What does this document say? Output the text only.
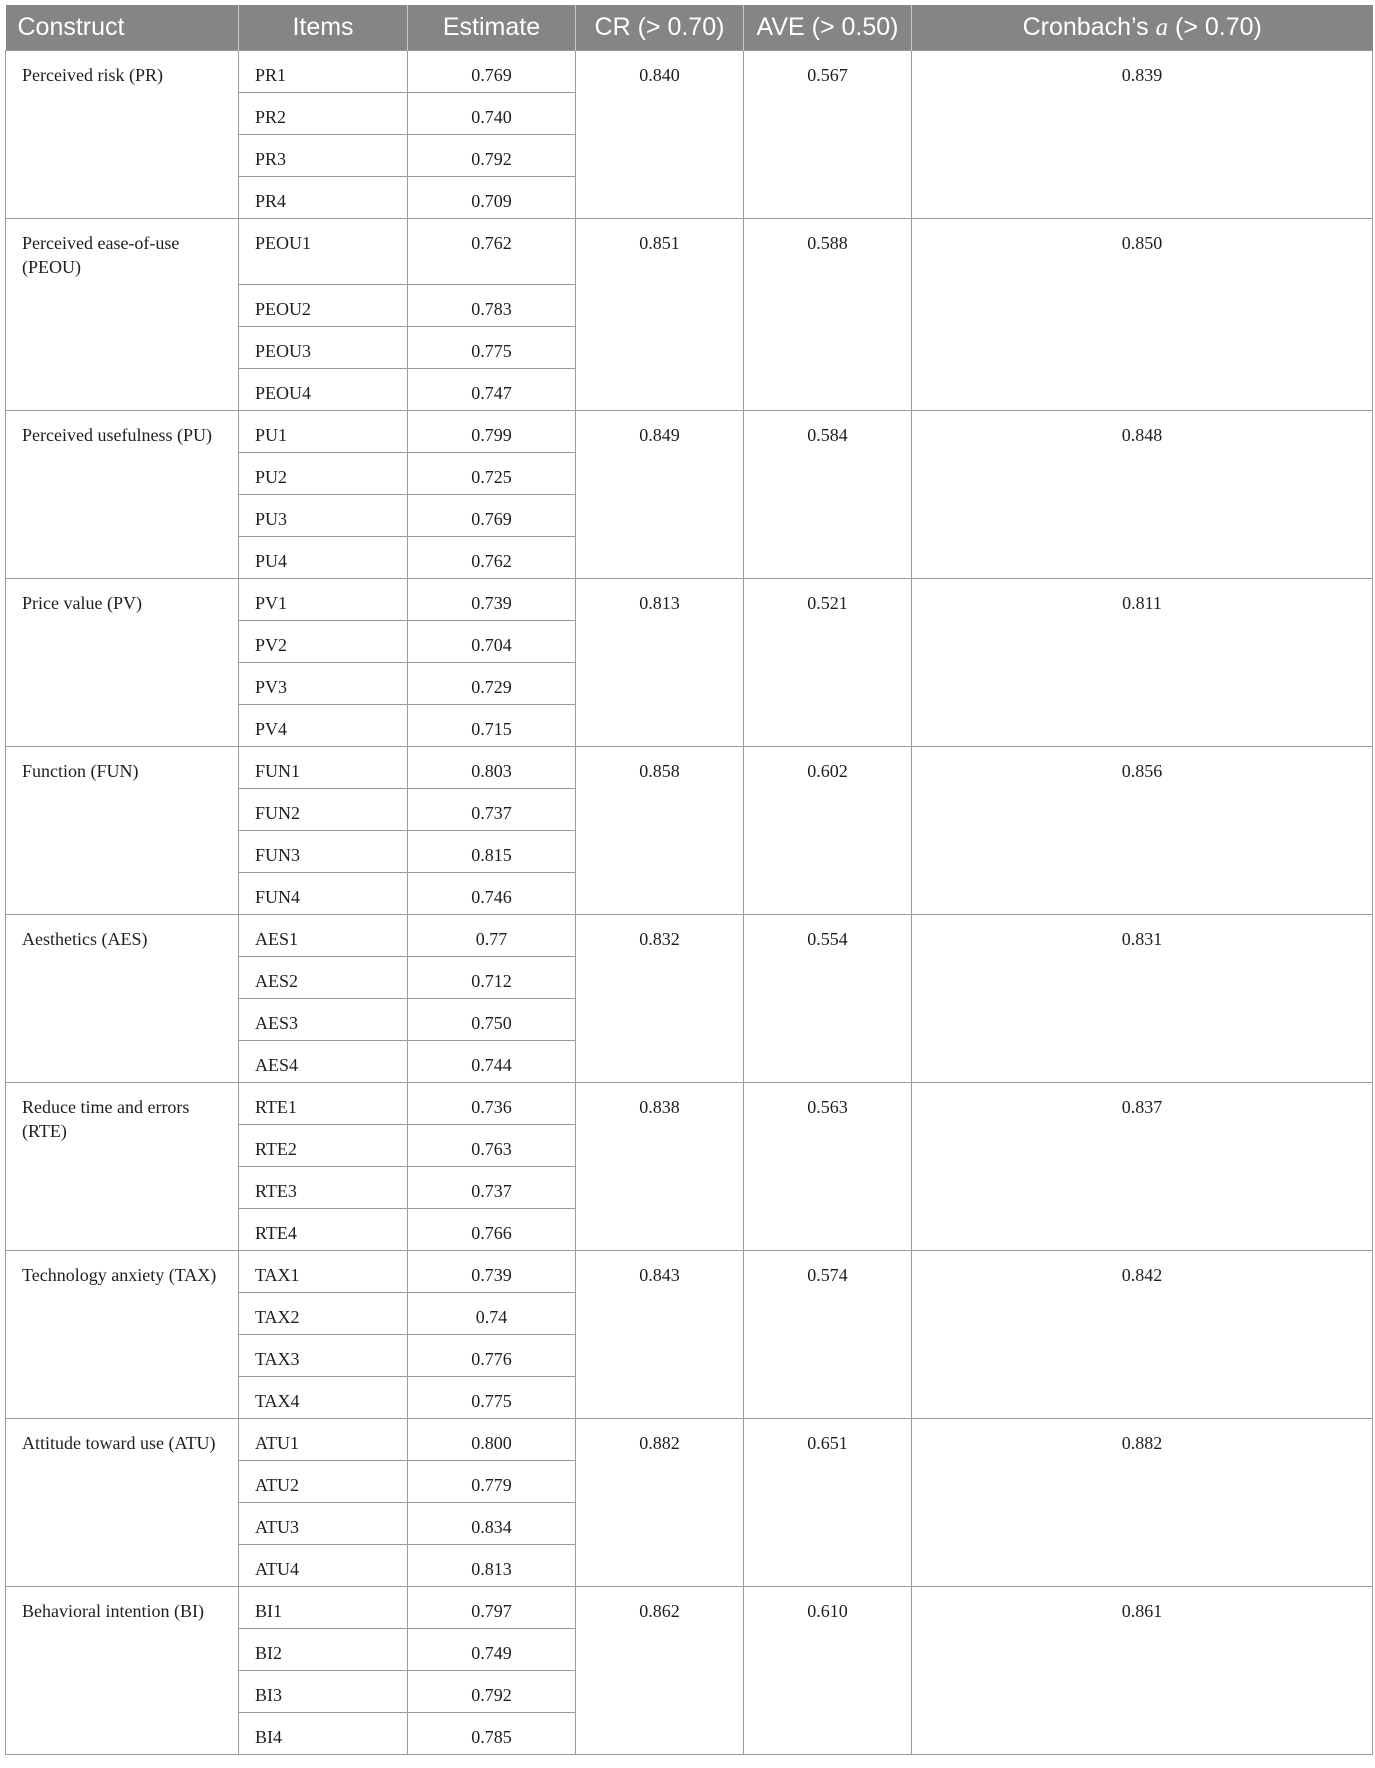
Construct	Items	Estimate	CR (> 0.70)	AVE (> 0.50)	Cronbach’s a (> 0.70)
Perceived risk (PR)	PR1	0.769	0.840	0.567	0.839
	PR2	0.740			
	PR3	0.792			
	PR4	0.709			
Perceived ease-of-use (PEOU)	PEOU1	0.762	0.851	0.588	0.850
	PEOU2	0.783			
	PEOU3	0.775			
	PEOU4	0.747			
Perceived usefulness (PU)	PU1	0.799	0.849	0.584	0.848
	PU2	0.725			
	PU3	0.769			
	PU4	0.762			
Price value (PV)	PV1	0.739	0.813	0.521	0.811
	PV2	0.704			
	PV3	0.729			
	PV4	0.715			
Function (FUN)	FUN1	0.803	0.858	0.602	0.856
	FUN2	0.737			
	FUN3	0.815			
	FUN4	0.746			
Aesthetics (AES)	AES1	0.77	0.832	0.554	0.831
	AES2	0.712			
	AES3	0.750			
	AES4	0.744			
Reduce time and errors (RTE)	RTE1	0.736	0.838	0.563	0.837
	RTE2	0.763			
	RTE3	0.737			
	RTE4	0.766			
Technology anxiety (TAX)	TAX1	0.739	0.843	0.574	0.842
	TAX2	0.74			
	TAX3	0.776			
	TAX4	0.775			
Attitude toward use (ATU)	ATU1	0.800	0.882	0.651	0.882
	ATU2	0.779			
	ATU3	0.834			
	ATU4	0.813			
Behavioral intention (BI)	BI1	0.797	0.862	0.610	0.861
	BI2	0.749			
	BI3	0.792			
	BI4	0.785			
